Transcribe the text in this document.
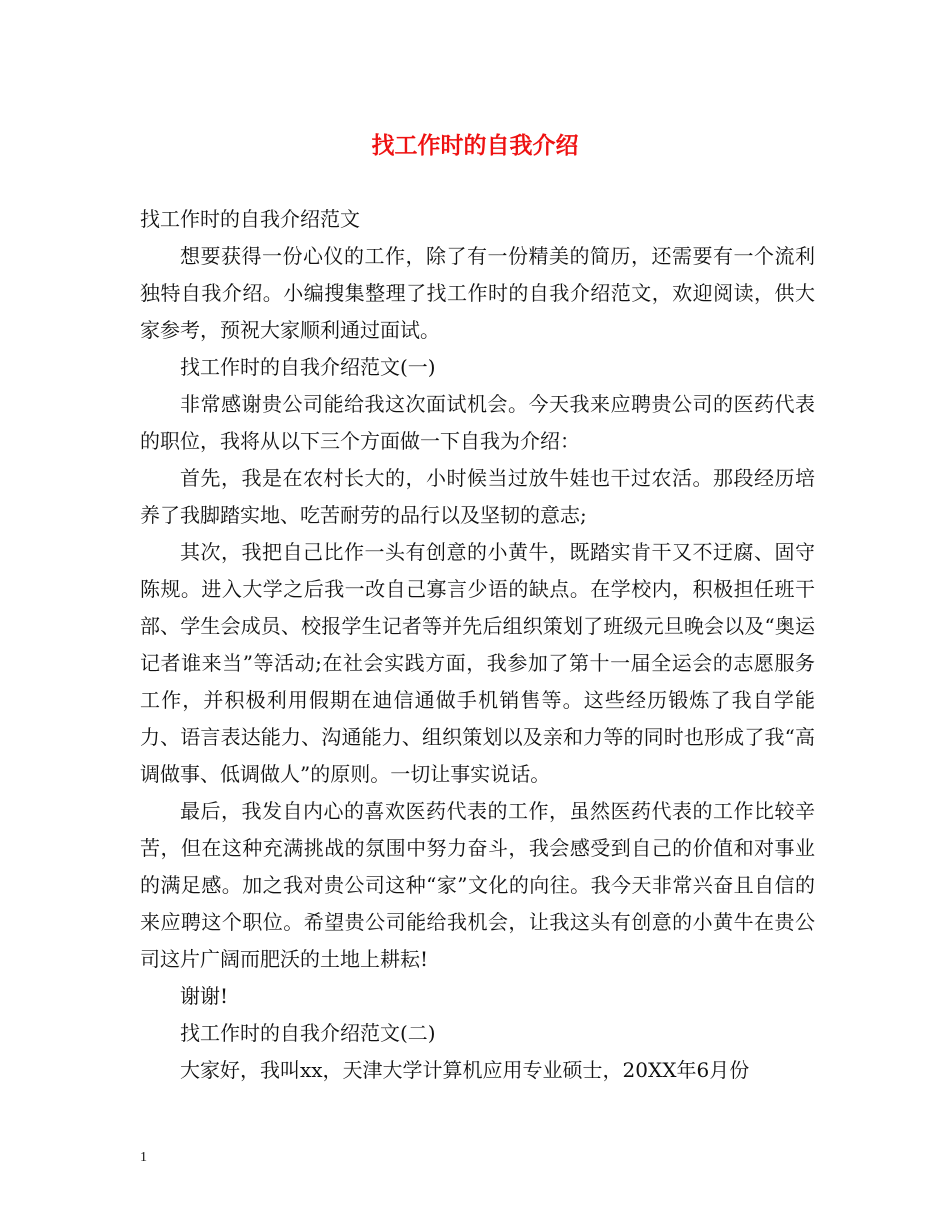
找工作时的自我介绍

找工作时的自我介绍范文

想要获得一份心仪的工作，除了有一份精美的简历，还需要有一个流利独特自我介绍。小编搜集整理了找工作时的自我介绍范文，欢迎阅读，供大家参考，预祝大家顺利通过面试。

找工作时的自我介绍范文(一)

非常感谢贵公司能给我这次面试机会。今天我来应聘贵公司的医药代表的职位，我将从以下三个方面做一下自我为介绍：

首先，我是在农村长大的，小时候当过放牛娃也干过农活。那段经历培养了我脚踏实地、吃苦耐劳的品行以及坚韧的意志;

其次，我把自己比作一头有创意的小黄牛，既踏实肯干又不迂腐、固守陈规。进入大学之后我一改自己寡言少语的缺点。在学校内，积极担任班干部、学生会成员、校报学生记者等并先后组织策划了班级元旦晚会以及“奥运记者谁来当”等活动;在社会实践方面，我参加了第十一届全运会的志愿服务工作，并积极利用假期在迪信通做手机销售等。这些经历锻炼了我自学能力、语言表达能力、沟通能力、组织策划以及亲和力等的同时也形成了我“高调做事、低调做人”的原则。一切让事实说话。

最后，我发自内心的喜欢医药代表的工作，虽然医药代表的工作比较辛苦，但在这种充满挑战的氛围中努力奋斗，我会感受到自己的价值和对事业的满足感。加之我对贵公司这种“家”文化的向往。我今天非常兴奋且自信的来应聘这个职位。希望贵公司能给我机会，让我这头有创意的小黄牛在贵公司这片广阔而肥沃的土地上耕耘!

谢谢!

找工作时的自我介绍范文(二)

大家好，我叫xx，天津大学计算机应用专业硕士，20XX年6月份

1
